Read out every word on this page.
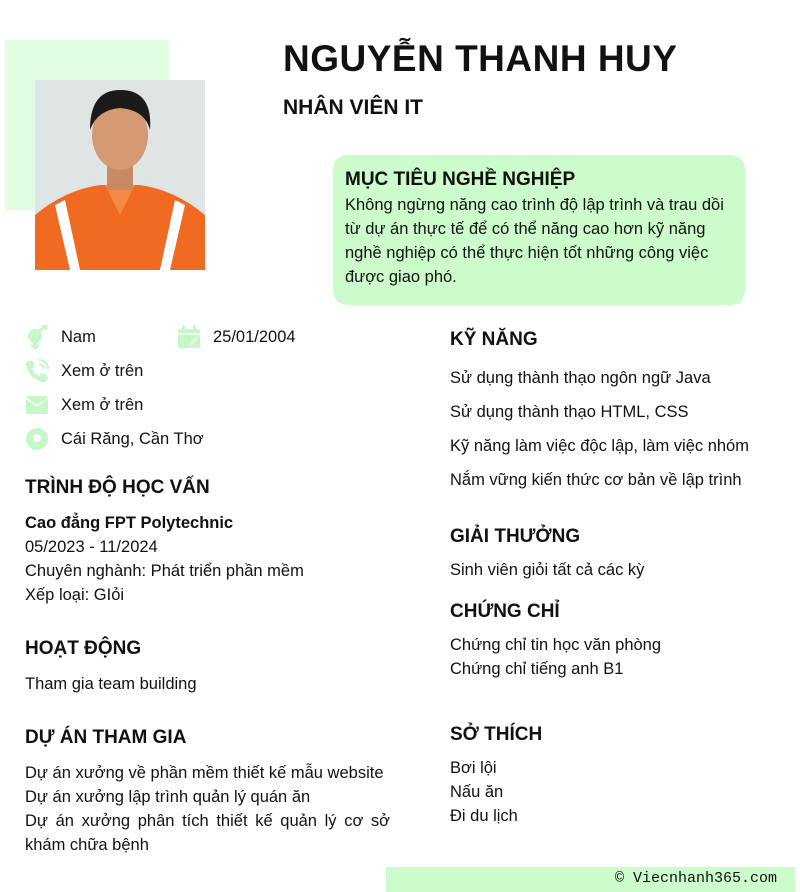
NGUYỄN THANH HUY
NHÂN VIÊN IT
MỤC TIÊU NGHỀ NGHIỆP

Không ngừng năng cao trình độ lập trình và trau dồi từ dự án thực tế để có thể năng cao hơn kỹ năng nghề nghiệp có thể thực hiện tốt những công việc được giao phó.

Nam	25/01/2004
Xem ở trên
Xem ở trên
Cái Răng, Cần Thơ
TRÌNH ĐỘ HỌC VẤN
Cao đẳng FPT Polytechnic
05/2023 - 11/2024
Chuyên nghành: Phát triển phần mềm
Xếp loại: GIỏi
HOẠT ĐỘNG
Tham gia team building
DỰ ÁN THAM GIA
Dự án xưởng về phần mềm thiết kế mẫu website
Dự án xưởng lập trình quản lý quán ăn
Dự án xưởng phân tích thiết kế quản lý cơ sở khám chữa bệnh
KỸ NĂNG
Sử dụng thành thạo ngôn ngữ Java
Sử dụng thành thạo HTML, CSS
Kỹ năng làm việc độc lập, làm việc nhóm
Nắm vững kiến thức cơ bản về lập trình
GIẢI THƯỞNG
Sinh viên giỏi tất cả các kỳ
CHỨNG CHỈ
Chứng chỉ tin học văn phòng
Chứng chỉ tiếng anh B1
SỞ THÍCH
Bơi lội
Nấu ăn
Đi du lịch
© Viecnhanh365.com
